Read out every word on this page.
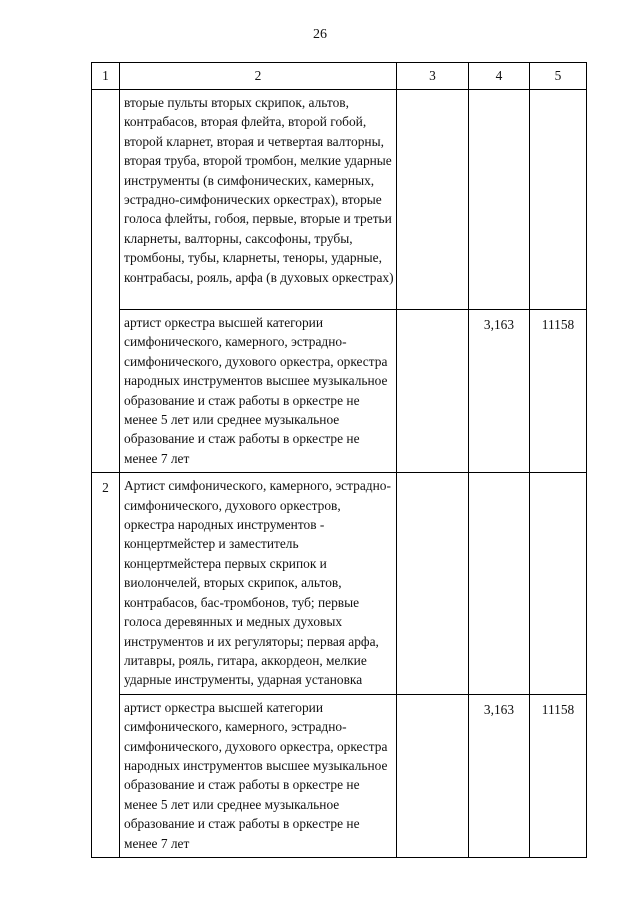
26
1	2	3	4	5
	вторые пульты вторых скрипок, альтов, контрабасов, вторая флейта, второй гобой, второй кларнет, вторая и четвертая валторны, вторая труба, второй тромбон, мелкие ударные инструменты (в симфонических, камерных, эстрадно-симфонических оркестрах), вторые голоса флейты, гобоя, первые, вторые и третьи кларнеты, валторны, саксофоны, трубы, тромбоны, тубы, кларнеты, теноры, ударные, контрабасы, рояль, арфа (в духовых оркестрах)			
	артист оркестра высшей категории симфонического, камерного, эстрадно-симфонического, духового оркестра, оркестра народных инструментов высшее музыкальное образование и стаж работы в оркестре не менее 5 лет или среднее музыкальное образование и стаж работы в оркестре не менее 7 лет		3,163	11158
2	Артист симфонического, камерного, эстрадно-симфонического, духового оркестров, оркестра народных инструментов - концертмейстер и заместитель концертмейстера первых скрипок и виолончелей, вторых скрипок, альтов, контрабасов, бас-тромбонов, туб; первые голоса деревянных и медных духовых инструментов и их регуляторы; первая арфа, литавры, рояль, гитара, аккордеон, мелкие ударные инструменты, ударная установка			
	артист оркестра высшей категории симфонического, камерного, эстрадно-симфонического, духового оркестра, оркестра народных инструментов высшее музыкальное образование и стаж работы в оркестре не менее 5 лет или среднее музыкальное образование и стаж работы в оркестре не менее 7 лет		3,163	11158
